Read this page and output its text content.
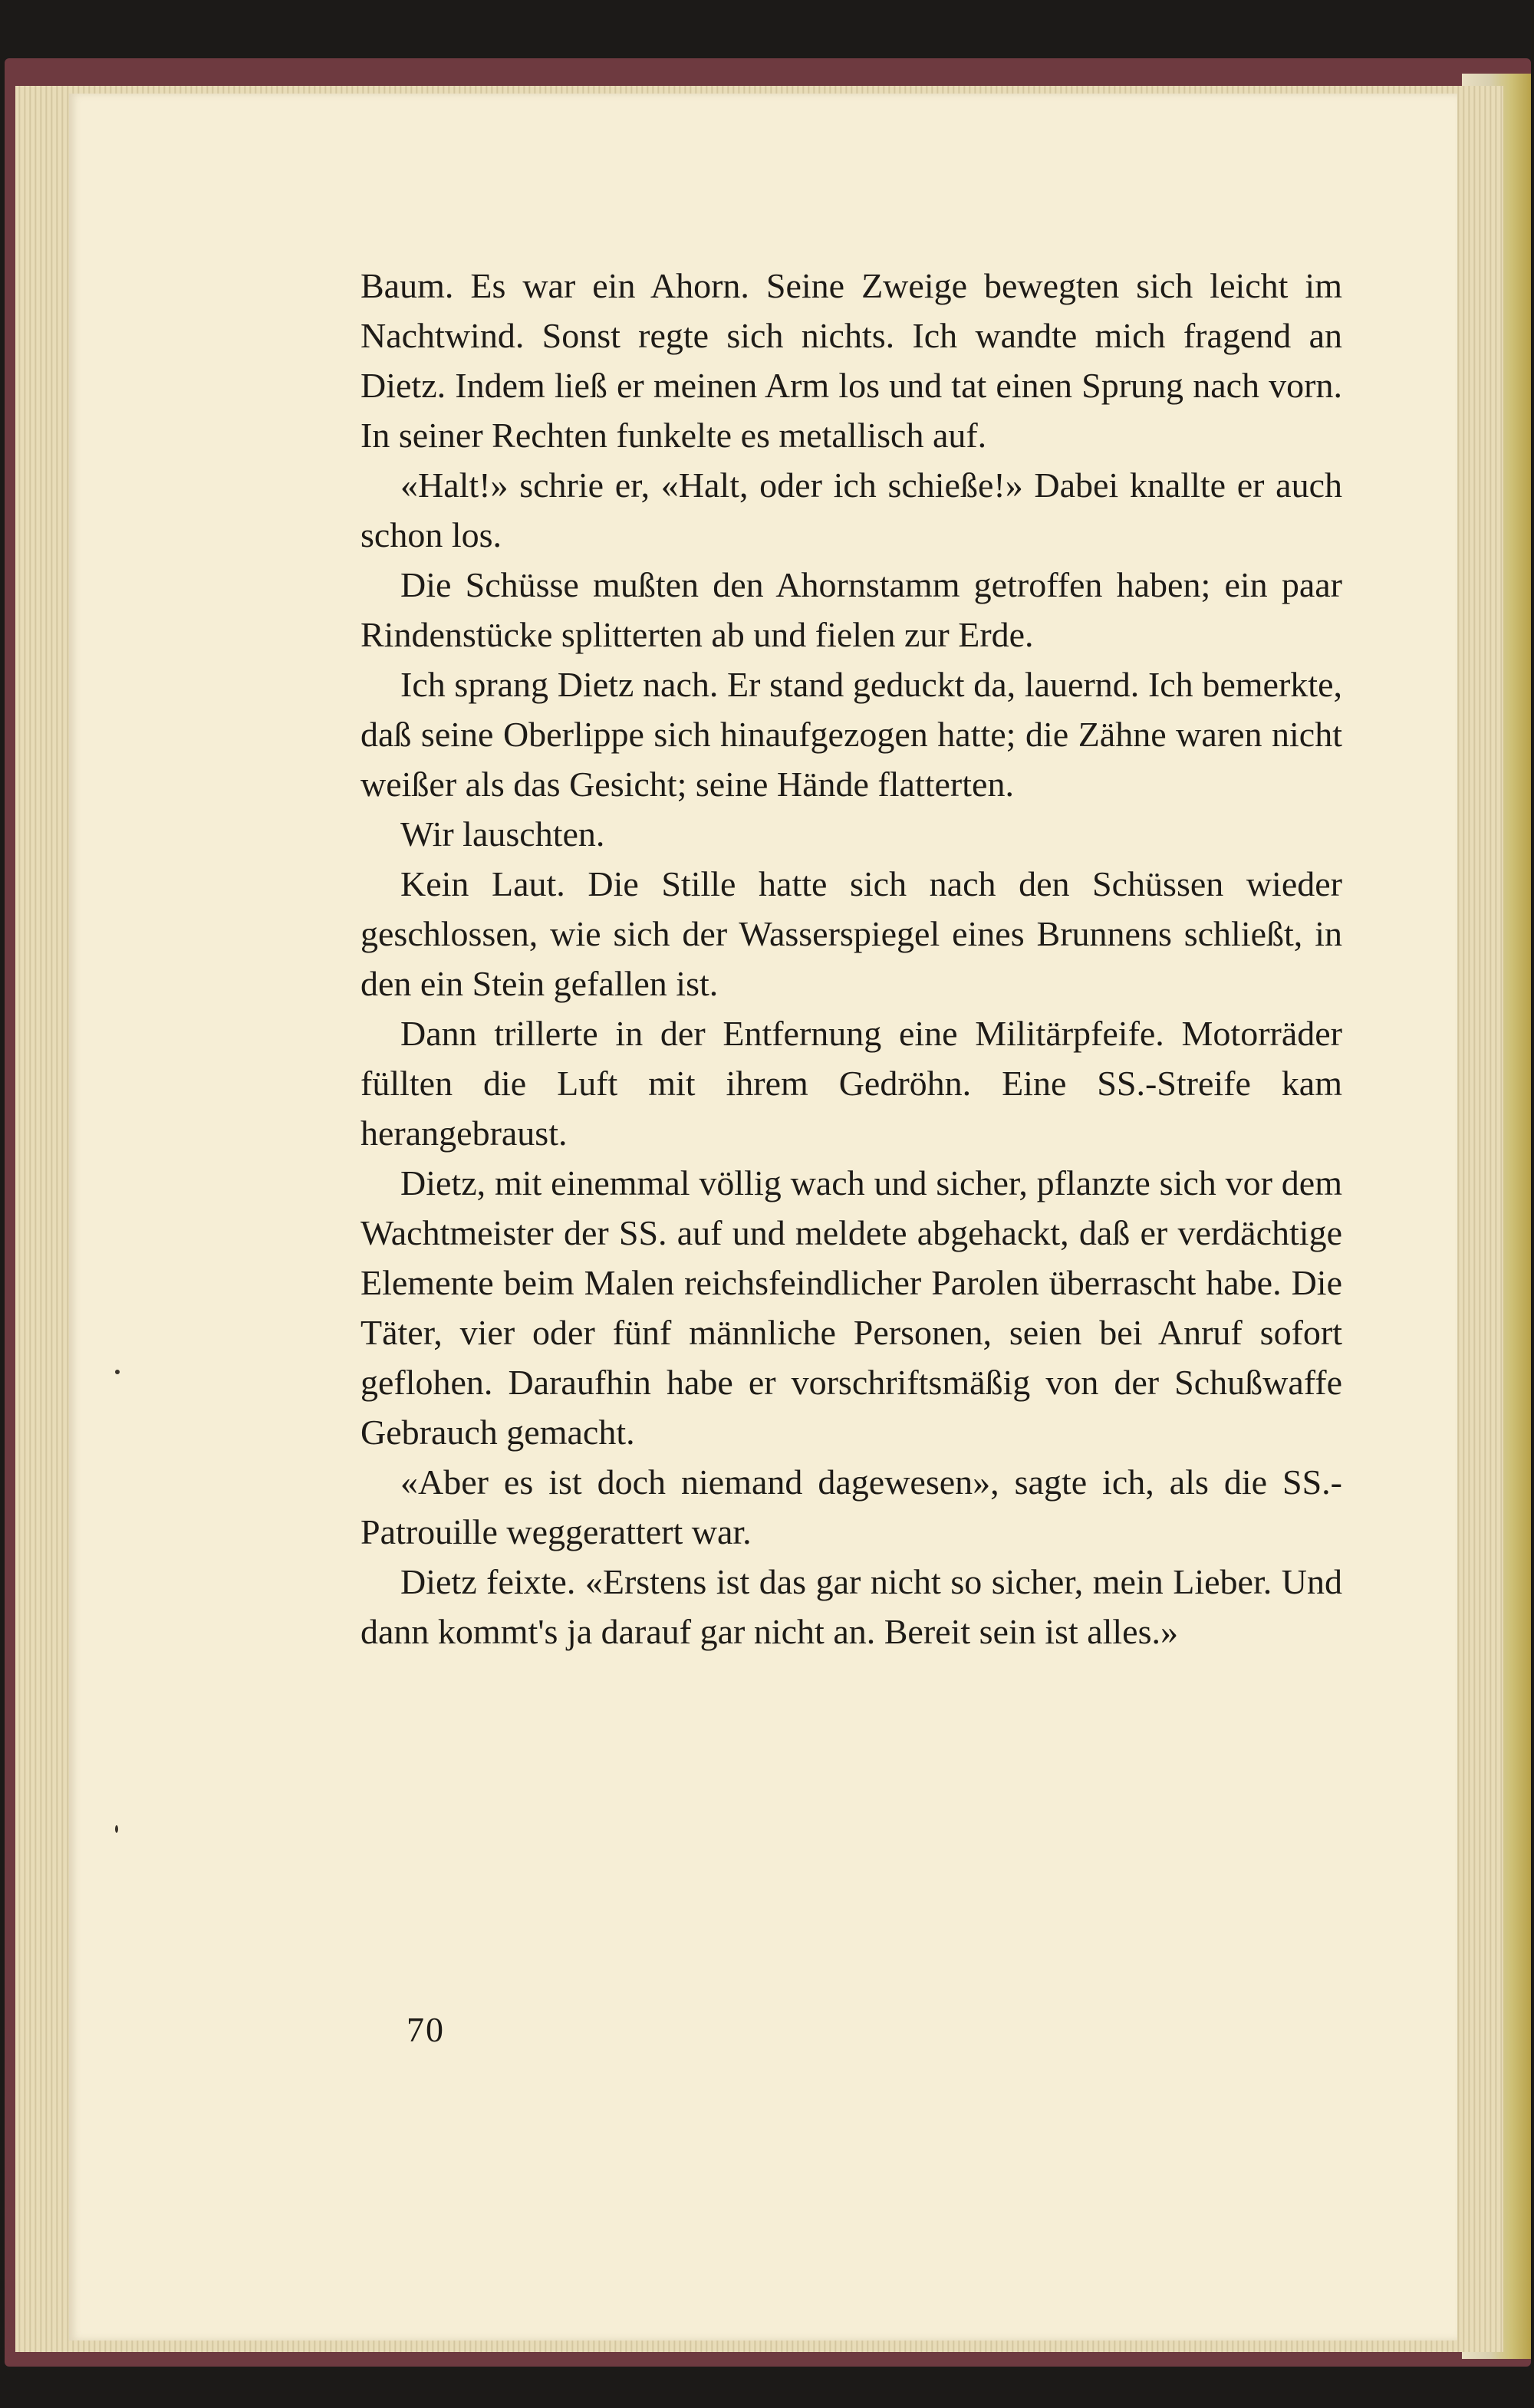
Baum. Es war ein Ahorn. Seine Zweige bewegten sich leicht im Nachtwind. Sonst regte sich nichts. Ich wandte mich fragend an Dietz. Indem ließ er meinen Arm los und tat einen Sprung nach vorn. In seiner Rechten funkelte es metallisch auf.

«Halt!» schrie er, «Halt, oder ich schieße!» Dabei knallte er auch schon los.

Die Schüsse mußten den Ahornstamm getroffen haben; ein paar Rindenstücke splitterten ab und fielen zur Erde.

Ich sprang Dietz nach. Er stand geduckt da, lauernd. Ich bemerkte, daß seine Oberlippe sich hinaufgezogen hatte; die Zähne waren nicht weißer als das Gesicht; seine Hände flatterten.

Wir lauschten.

Kein Laut. Die Stille hatte sich nach den Schüssen wieder geschlossen, wie sich der Wasserspiegel eines Brunnens schließt, in den ein Stein gefallen ist.

Dann trillerte in der Entfernung eine Militärpfeife. Motorräder füllten die Luft mit ihrem Gedröhn. Eine SS.-Streife kam herangebraust.

Dietz, mit einemmal völlig wach und sicher, pflanzte sich vor dem Wachtmeister der SS. auf und meldete abgehackt, daß er verdächtige Elemente beim Malen reichsfeindlicher Parolen überrascht habe. Die Täter, vier oder fünf männliche Personen, seien bei Anruf sofort geflohen. Daraufhin habe er vorschriftsmäßig von der Schußwaffe Gebrauch gemacht.

«Aber es ist doch niemand dagewesen», sagte ich, als die SS.-Patrouille weggerattert war.

Dietz feixte. «Erstens ist das gar nicht so sicher, mein Lieber. Und dann kommt's ja darauf gar nicht an. Bereit sein ist alles.»

70
